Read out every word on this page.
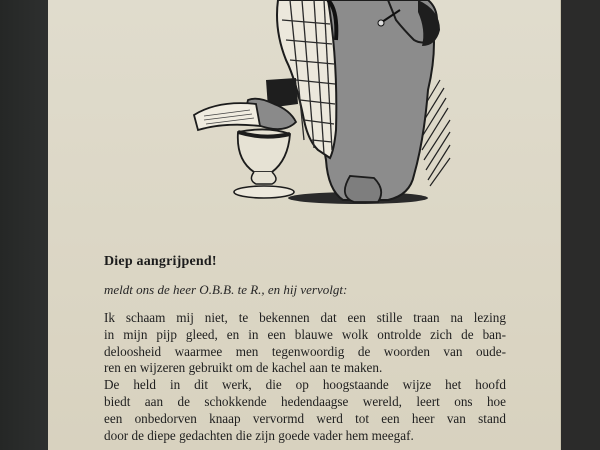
Diep aangrijpend!
meldt ons de heer O.B.B. te R., en hij vervolgt:
Ik schaam mij niet, te bekennen dat een stille traan na lezing
in mijn pijp gleed, en in een blauwe wolk ontrolde zich de ban-
deloosheid waarmee men tegenwoordig de woorden van oude-
ren en wijzeren gebruikt om de kachel aan te maken.
De held in dit werk, die op hoogstaande wijze het hoofd
biedt aan de schokkende hedendaagse wereld, leert ons hoe
een onbedorven knaap vervormd werd tot een heer van stand
door de diepe gedachten die zijn goede vader hem meegaf.
